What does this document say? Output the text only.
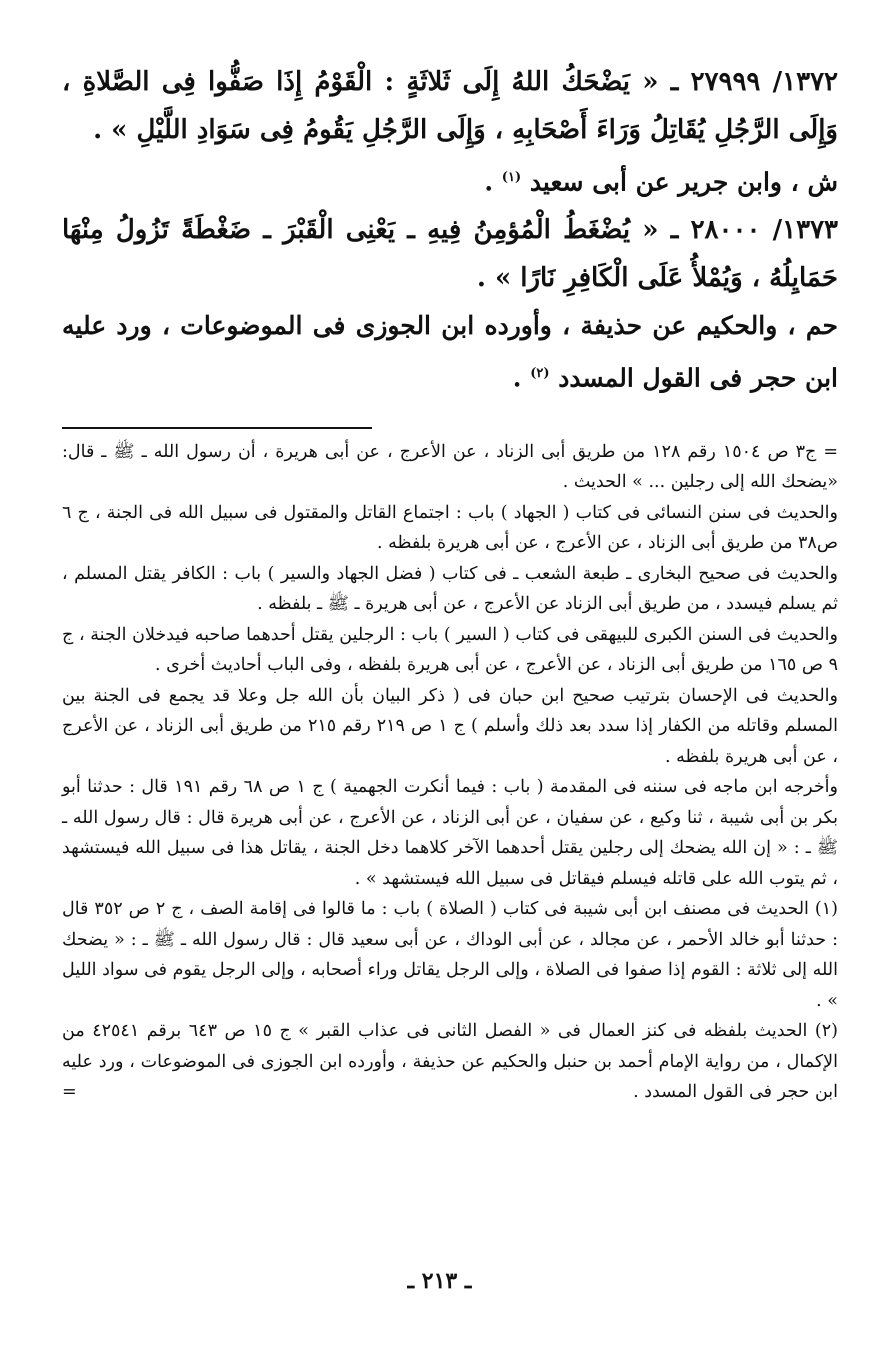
١٣٧٢/ ٢٧٩٩٩ ـ « يَضْحَكُ اللهُ إِلَى ثَلاثَةٍ : الْقَوْمُ إِذَا صَفُّوا فِى الصَّلاةِ ، وَإِلَى الرَّجُلِ يُقَاتِلُ وَرَاءَ أَصْحَابِهِ ، وَإِلَى الرَّجُلِ يَقُومُ فِى سَوَادِ اللَّيْلِ » .

ش ، وابن جرير عن أبى سعيد $^{(١)}$ .

١٣٧٣/ ٢٨٠٠٠ ـ « يُضْغَطُ الْمُؤمِنُ فِيهِ ـ يَعْنِى الْقَبْرَ ـ ضَغْطَةً تَزُولُ مِنْهَا حَمَايِلُهُ ، وَيُمْلأُ عَلَى الْكَافِرِ نَارًا » .

حم ، والحكيم عن حذيفة ، وأورده ابن الجوزى فى الموضوعات ، ورد عليه ابن حجر فى القول المسدد $^{(٢)}$ .

= ج٣ ص ١٥٠٤ رقم ١٢٨ من طريق أبى الزناد ، عن الأعرج ، عن أبى هريرة ، أن رسول الله ـ ﷺ ـ قال: «يضحك الله إلى رجلين ... » الحديث .

والحديث فى سنن النسائى فى كتاب ( الجهاد ) باب : اجتماع القاتل والمقتول فى سبيل الله فى الجنة ، ج ٦ ص٣٨ من طريق أبى الزناد ، عن الأعرج ، عن أبى هريرة بلفظه .

والحديث فى صحيح البخارى ـ طبعة الشعب ـ فى كتاب ( فضل الجهاد والسير ) باب : الكافر يقتل المسلم ، ثم يسلم فيسدد ، من طريق أبى الزناد عن الأعرج ، عن أبى هريرة ـ ﷺ ـ بلفظه .

والحديث فى السنن الكبرى للبيهقى فى كتاب ( السير ) باب : الرجلين يقتل أحدهما صاحبه فيدخلان الجنة ، ج ٩ ص ١٦٥ من طريق أبى الزناد ، عن الأعرج ، عن أبى هريرة بلفظه ، وفى الباب أحاديث أخرى .

والحديث فى الإحسان بترتيب صحيح ابن حبان فى ( ذكر البيان بأن الله جل وعلا قد يجمع فى الجنة بين المسلم وقاتله من الكفار إذا سدد بعد ذلك وأسلم ) ج ١ ص ٢١٩ رقم ٢١٥ من طريق أبى الزناد ، عن الأعرج ، عن أبى هريرة بلفظه .

وأخرجه ابن ماجه فى سننه فى المقدمة ( باب : فيما أنكرت الجهمية ) ج ١ ص ٦٨ رقم ١٩١ قال : حدثنا أبو بكر بن أبى شيبة ، ثنا وكيع ، عن سفيان ، عن أبى الزناد ، عن الأعرج ، عن أبى هريرة قال : قال رسول الله ـ ﷺ ـ : « إن الله يضحك إلى رجلين يقتل أحدهما الآخر كلاهما دخل الجنة ، يقاتل هذا فى سبيل الله فيستشهد ، ثم يتوب الله على قاتله فيسلم فيقاتل فى سبيل الله فيستشهد » .

(١) الحديث فى مصنف ابن أبى شيبة فى كتاب ( الصلاة ) باب : ما قالوا فى إقامة الصف ، ج ٢ ص ٣٥٢ قال : حدثنا أبو خالد الأحمر ، عن مجالد ، عن أبى الوداك ، عن أبى سعيد قال : قال رسول الله ـ ﷺ ـ : « يضحك الله إلى ثلاثة : القوم إذا صفوا فى الصلاة ، وإلى الرجل يقاتل وراء أصحابه ، وإلى الرجل يقوم فى سواد الليل » .

(٢) الحديث بلفظه فى كنز العمال فى « الفصل الثانى فى عذاب القبر » ج ١٥ ص ٦٤٣ برقم ٤٢٥٤١ من الإكمال ، من رواية الإمام أحمد بن حنبل والحكيم عن حذيفة ، وأورده ابن الجوزى فى الموضوعات ، ورد عليه ابن حجر فى القول المسدد .
=

ـ ٢١٣ ـ
